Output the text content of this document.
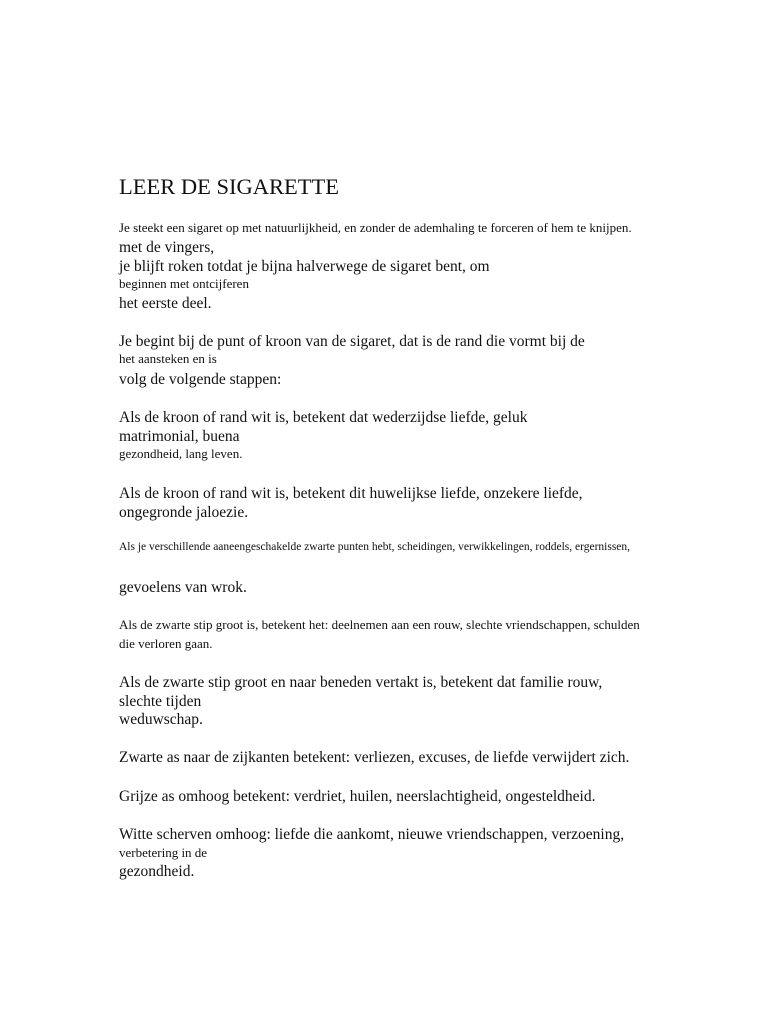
LEER DE SIGARETTE
Je steekt een sigaret op met natuurlijkheid, en zonder de ademhaling te forceren of hem te knijpen.
met de vingers,
je blijft roken totdat je bijna halverwege de sigaret bent, om
beginnen met ontcijferen
het eerste deel.
Je begint bij de punt of kroon van de sigaret, dat is de rand die vormt bij de
het aansteken en is
volg de volgende stappen:
Als de kroon of rand wit is, betekent dat wederzijdse liefde, geluk
matrimonial, buena
gezondheid, lang leven.
Als de kroon of rand wit is, betekent dit huwelijkse liefde, onzekere liefde,
ongegronde jaloezie.
Als je verschillende aaneengeschakelde zwarte punten hebt, scheidingen, verwikkelingen, roddels, ergernissen,
gevoelens van wrok.
Als de zwarte stip groot is, betekent het: deelnemen aan een rouw, slechte vriendschappen, schulden
die verloren gaan.
Als de zwarte stip groot en naar beneden vertakt is, betekent dat familie rouw,
slechte tijden
weduwschap.
Zwarte as naar de zijkanten betekent: verliezen, excuses, de liefde verwijdert zich.
Grijze as omhoog betekent: verdriet, huilen, neerslachtigheid, ongesteldheid.
Witte scherven omhoog: liefde die aankomt, nieuwe vriendschappen, verzoening,
verbetering in de
gezondheid.
